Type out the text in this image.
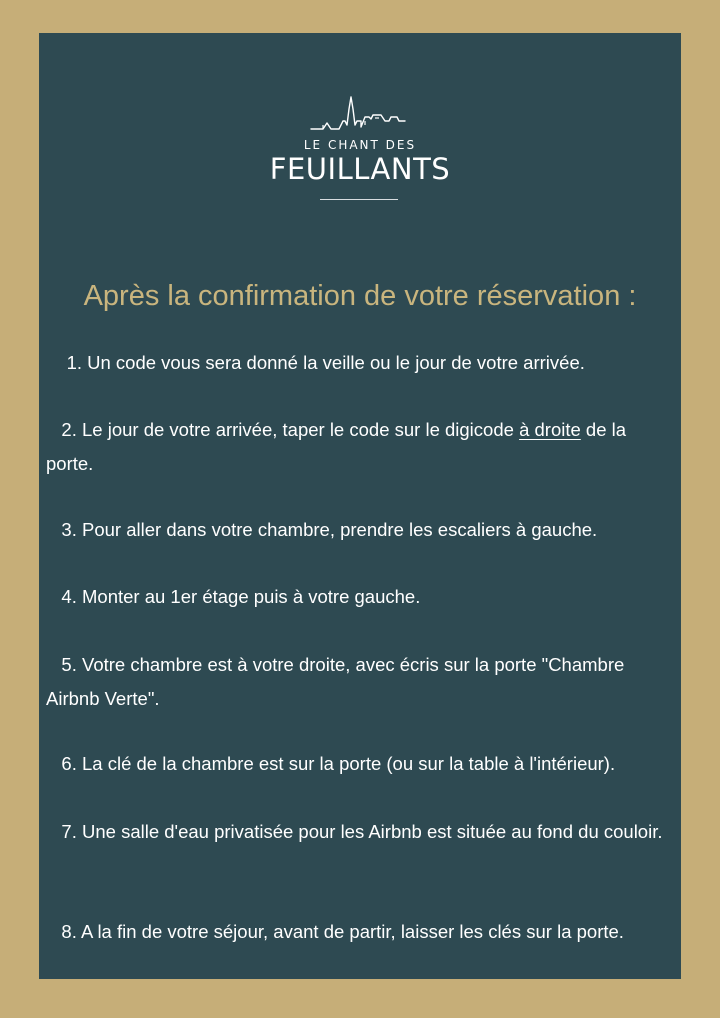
LE CHANT DES
FEUILLANTS
Après la confirmation de votre réservation :
1. Un code vous sera donné la veille ou le jour de votre arrivée.
2. Le jour de votre arrivée, taper le code sur le digicode à droite de la porte.
3. Pour aller dans votre chambre, prendre les escaliers à gauche.
4. Monter au 1er étage puis à votre gauche.
5. Votre chambre est à votre droite, avec écris sur la porte "Chambre Airbnb Verte".
6. La clé de la chambre est sur la porte (ou sur la table à l'intérieur).
7. Une salle d'eau privatisée pour les Airbnb est située au fond du couloir.
8. A la fin de votre séjour, avant de partir, laisser les clés sur la porte.
